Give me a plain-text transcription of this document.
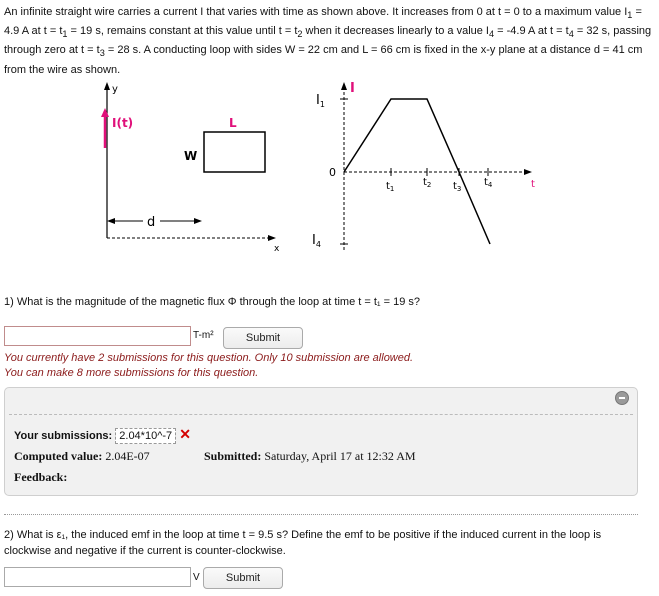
An infinite straight wire carries a current I that varies with time as shown above. It increases from 0 at t = 0 to a maximum value $I_1 = 4.9$ A at $t = t_1 = 19$ s, remains constant at this value until $t = t_2$ when it decreases linearly to a value $I_4 = -4.9$ A at $t = t_4 = 32$ s, passing through zero at $t = t_3 = 28$ s. A conducting loop with sides W = 22 cm and L = 66 cm is fixed in the x-y plane at a distance d = 41 cm from the wire as shown.
y
x
I(t)	L
W
d
I
$I_1$
0
$I_4$
t
$t_1$
$t_2$ $t_3$
$t_4$
1) What is the magnitude of the magnetic flux Φ through the loop at time t = t₁ = 19 s?
T-m²	Submit
You currently have 2 submissions for this question. Only 10 submission are allowed.
You can make 8 more submissions for this question.
Your submissions: 2.04*10^-7 ✕
Computed value: 2.04E-07	Submitted: Saturday, April 17 at 12:32 AM
Feedback:
2) What is ε₁, the induced emf in the loop at time t = 9.5 s? Define the emf to be positive if the induced current in the loop is clockwise and negative if the current is counter-clockwise.
V	Submit
